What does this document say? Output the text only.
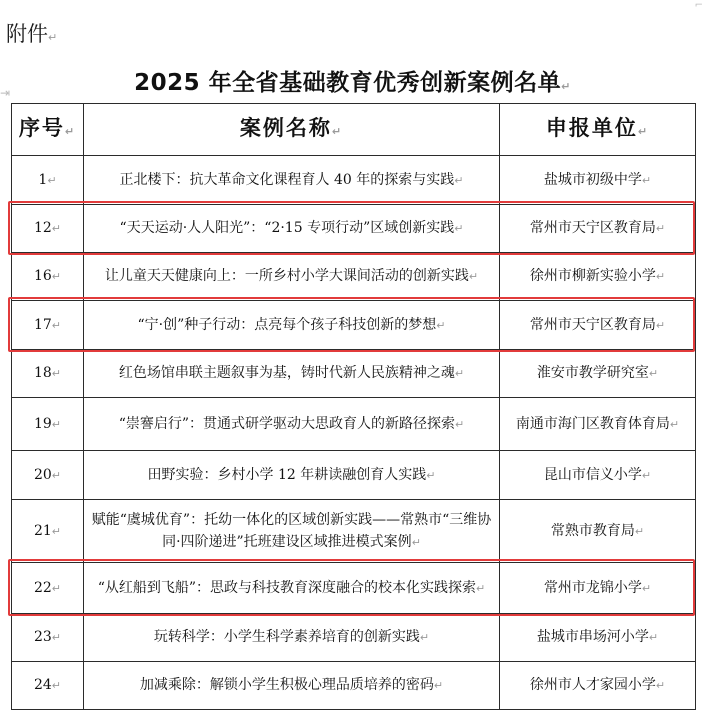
⌐
⇥
附件↵
2025 年全省基础教育优秀创新案例名单↵
序号↵	案例名称↵	申报单位↵
1↵	正北楼下：抗大革命文化课程育人 40 年的探索与实践↵	盐城市初级中学↵
12↵	“天天运动·人人阳光”：“2·15 专项行动”区域创新实践↵	常州市天宁区教育局↵
16↵	让儿童天天健康向上：一所乡村小学大课间活动的创新实践↵	徐州市柳新实验小学↵
17↵	“宁·创”种子行动：点亮每个孩子科技创新的梦想↵	常州市天宁区教育局↵
18↵	红色场馆串联主题叙事为基，铸时代新人民族精神之魂↵	淮安市教学研究室↵
19↵	“崇謇启行”：贯通式研学驱动大思政育人的新路径探索↵	南通市海门区教育体育局↵
20↵	田野实验：乡村小学 12 年耕读融创育人实践↵	昆山市信义小学↵
21↵	赋能“虞城优育”：托幼一体化的区域创新实践——常熟市“三维协同·四阶递进”托班建设区域推进模式案例↵	常熟市教育局↵
22↵	“从红船到飞船”：思政与科技教育深度融合的校本化实践探索↵	常州市龙锦小学↵
23↵	玩转科学：小学生科学素养培育的创新实践↵	盐城市串场河小学↵
24↵	加减乘除：解锁小学生积极心理品质培养的密码↵	徐州市人才家园小学↵
